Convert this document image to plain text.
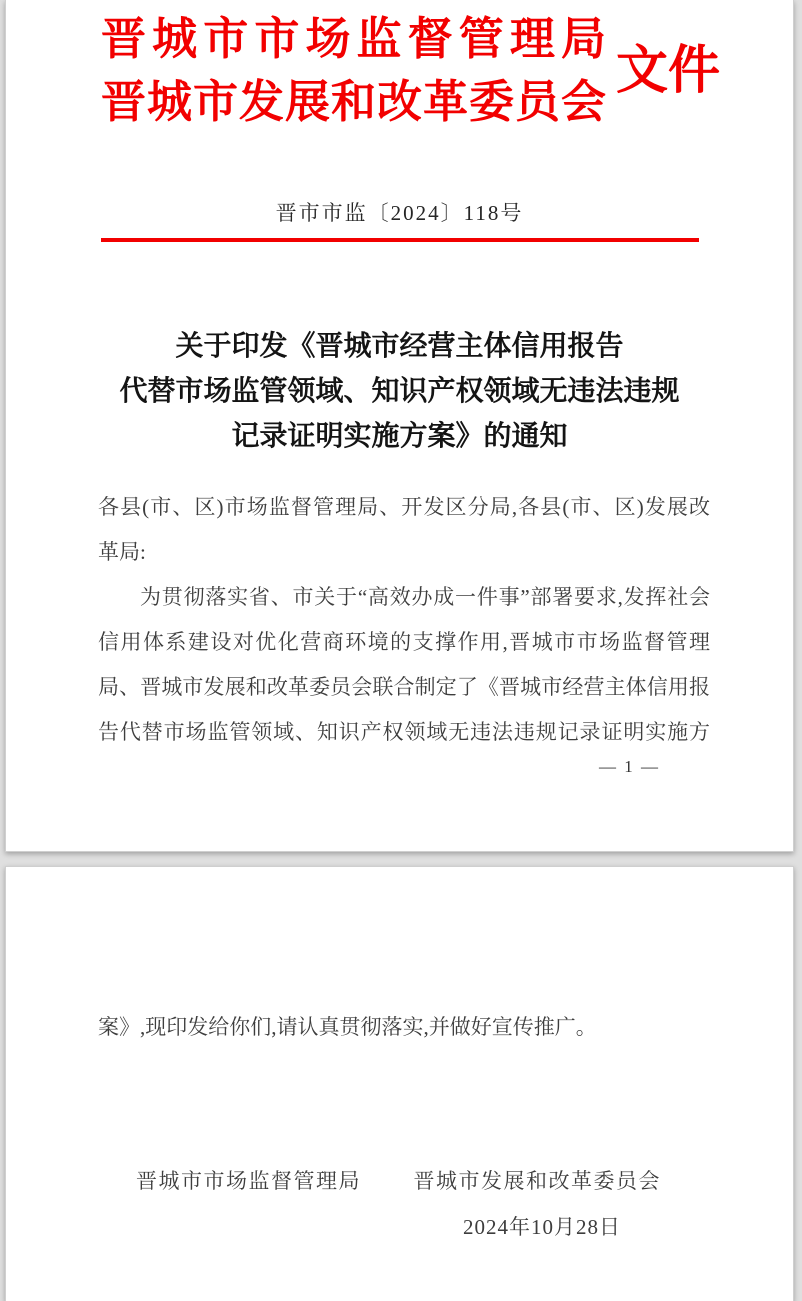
晋城市市场监督管理局
晋城市发展和改革委员会
文件
晋市市监〔2024〕118号
关于印发《晋城市经营主体信用报告
代替市场监管领域、知识产权领域无违法违规
记录证明实施方案》的通知
各县(市、区)市场监督管理局、开发区分局,各县(市、区)发展改
革局:
为贯彻落实省、市关于“高效办成一件事”部署要求,发挥社会
信用体系建设对优化营商环境的支撑作用,晋城市市场监督管理
局、晋城市发展和改革委员会联合制定了《晋城市经营主体信用报
告代替市场监管领域、知识产权领域无违法违规记录证明实施方
— 1 —
案》,现印发给你们,请认真贯彻落实,并做好宣传推广。
晋城市市场监督管理局	晋城市发展和改革委员会
2024年10月28日
